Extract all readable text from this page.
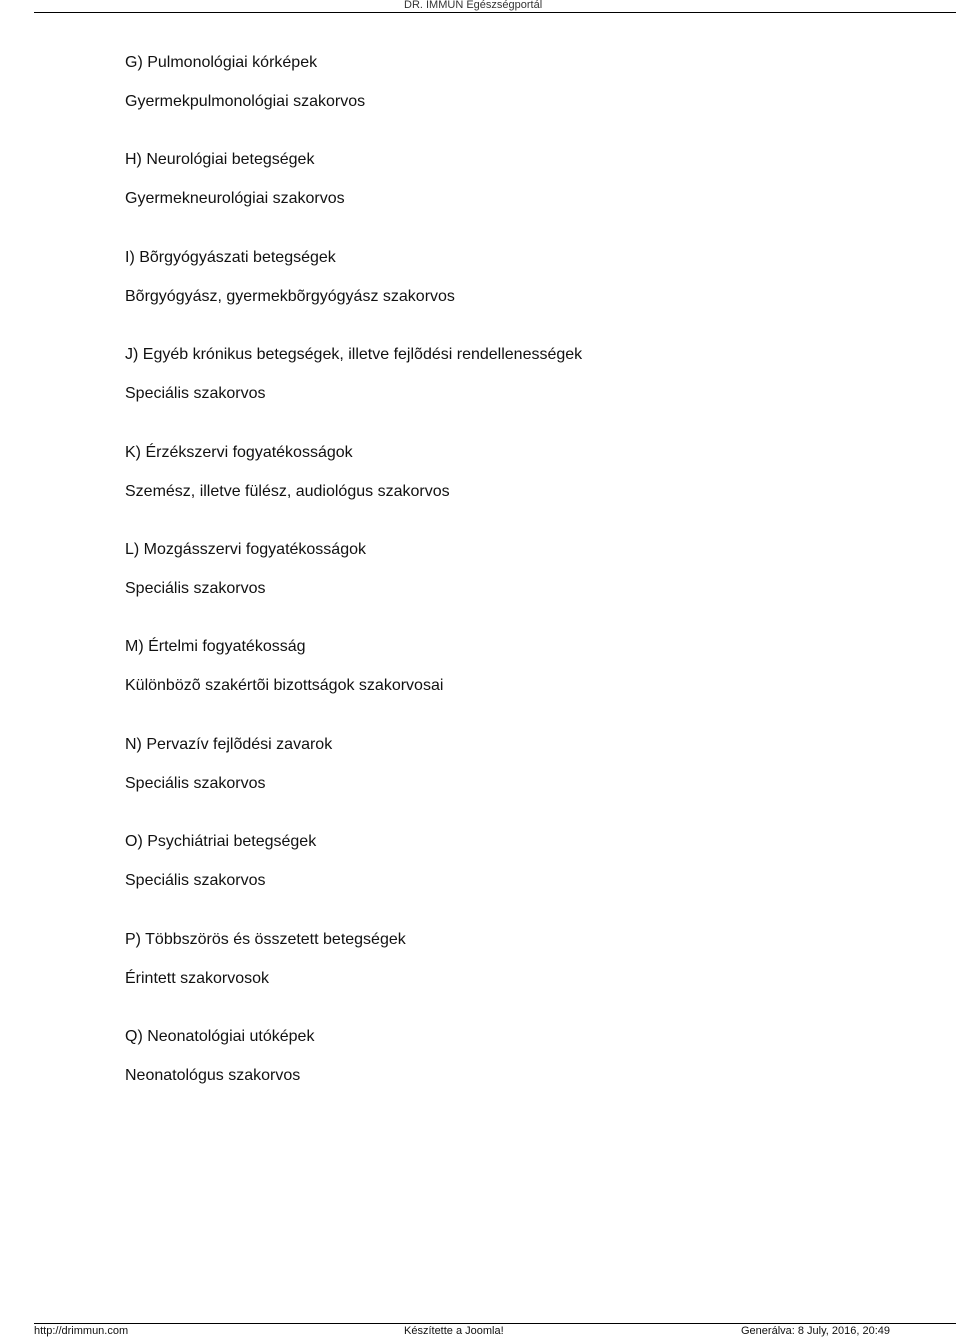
DR. IMMUN Egészségportál

G) Pulmonológiai kórképek

Gyermekpulmonológiai szakorvos

H) Neurológiai betegségek

Gyermekneurológiai szakorvos

I) Bõrgyógyászati betegségek

Bõrgyógyász, gyermekbõrgyógyász szakorvos

J) Egyéb krónikus betegségek, illetve fejlõdési rendellenességek

Speciális szakorvos

K) Érzékszervi fogyatékosságok

Szemész, illetve fülész, audiológus szakorvos

L) Mozgásszervi fogyatékosságok

Speciális szakorvos

M) Értelmi fogyatékosság

Különbözõ szakértõi bizottságok szakorvosai

N) Pervazív fejlõdési zavarok

Speciális szakorvos

O) Psychiátriai betegségek

Speciális szakorvos

P) Többszörös és összetett betegségek

Érintett szakorvosok

Q) Neonatológiai utóképek

Neonatológus szakorvos

http://drimmun.com	Készítette a Joomla!	Generálva: 8 July, 2016, 20:49
